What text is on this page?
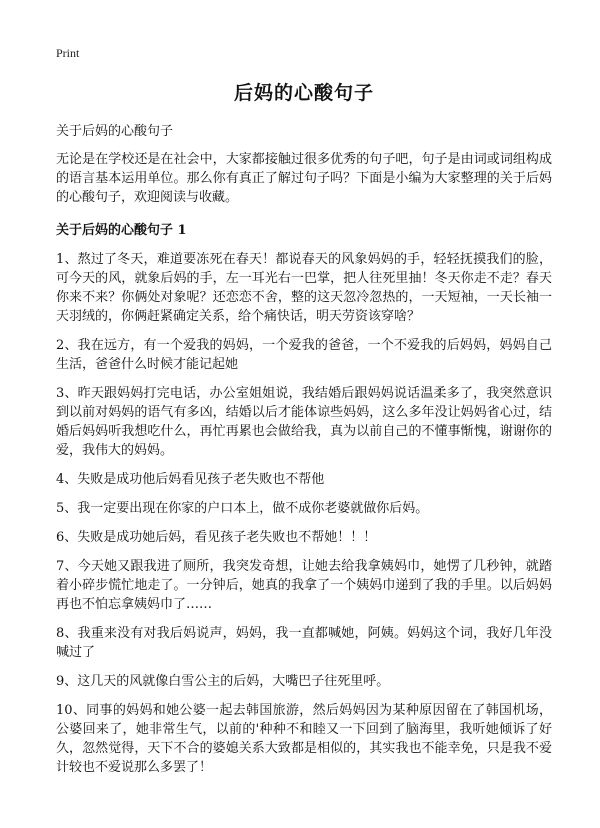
Print
后妈的心酸句子
关于后妈的心酸句子

无论是在学校还是在社会中，大家都接触过很多优秀的句子吧，句子是由词或词组构成的语言基本运用单位。那么你有真正了解过句子吗？下面是小编为大家整理的关于后妈的心酸句子，欢迎阅读与收藏。

关于后妈的心酸句子 1

1、熬过了冬天，难道要冻死在春天！都说春天的风象妈妈的手，轻轻抚摸我们的脸，可今天的风，就象后妈的手，左一耳光右一巴掌，把人往死里抽！冬天你走不走？春天你来不来？你俩处对象呢？还恋恋不舍，整的这天忽冷忽热的，一天短袖，一天长袖一天羽绒的，你俩赶紧确定关系，给个痛快话，明天劳资该穿啥？

2、我在远方，有一个爱我的妈妈，一个爱我的爸爸，一个不爱我的后妈妈，妈妈自己生活，爸爸什么时候才能记起她

3、昨天跟妈妈打完电话，办公室姐姐说，我结婚后跟妈妈说话温柔多了，我突然意识到以前对妈妈的语气有多凶，结婚以后才能体谅些妈妈，这么多年没让妈妈省心过，结婚后妈妈听我想吃什么，再忙再累也会做给我，真为以前自己的不懂事惭愧，谢谢你的爱，我伟大的妈妈。

4、失败是成功他后妈看见孩子老失败也不帮他

5、我一定要出现在你家的户口本上，做不成你老婆就做你后妈。

6、失败是成功她后妈，看见孩子老失败也不帮她！！！

7、今天她又跟我进了厕所，我突发奇想，让她去给我拿姨妈巾，她愣了几秒钟，就踏着小碎步慌忙地走了。一分钟后，她真的我拿了一个姨妈巾递到了我的手里。以后妈妈再也不怕忘拿姨妈巾了……

8、我重来没有对我后妈说声，妈妈，我一直都喊她，阿姨。妈妈这个词，我好几年没喊过了

9、这几天的风就像白雪公主的后妈，大嘴巴子往死里呼。

10、同事的妈妈和她公婆一起去韩国旅游，然后妈妈因为某种原因留在了韩国机场，公婆回来了，她非常生气，以前的'种种不和睦又一下回到了脑海里，我听她倾诉了好久，忽然觉得，天下不合的婆媳关系大致都是相似的，其实我也不能幸免，只是我不爱计较也不爱说那么多罢了！
